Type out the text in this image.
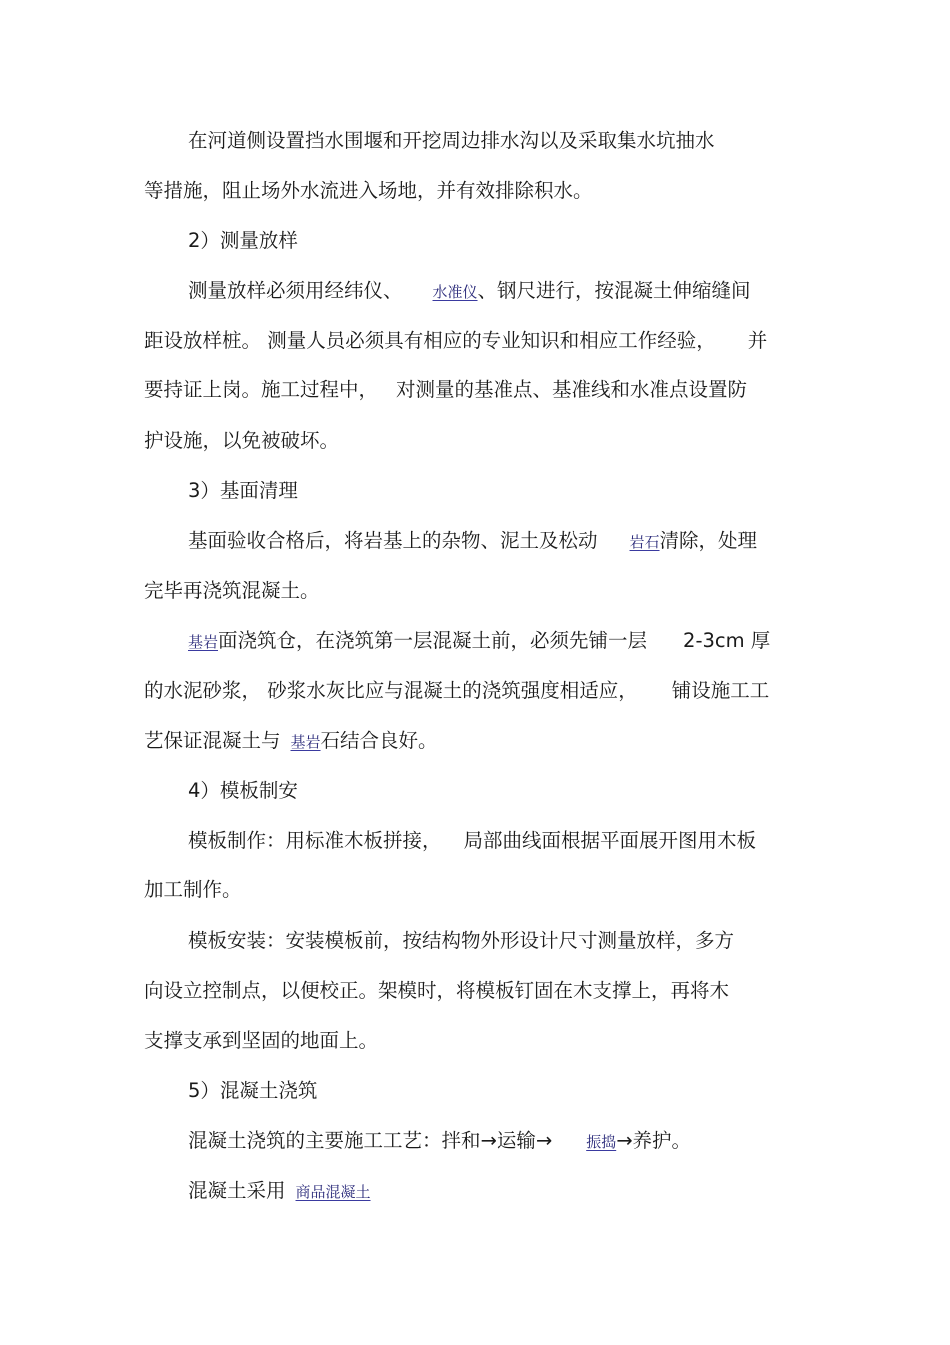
在河道侧设置挡水围堰和开挖周边排水沟以及采取集水坑抽水
等措施，阻止场外水流进入场地，并有效排除积水。
2）测量放样
测量放样必须用经纬仪、 水准仪、钢尺进行，按混凝土伸缩缝间
距设放样桩。 测量人员必须具有相应的专业知识和相应工作经验， 并
要持证上岗。施工过程中， 对测量的基准点、基准线和水准点设置防
护设施，以免被破坏。
3）基面清理
基面验收合格后，将岩基上的杂物、泥土及松动 岩石清除，处理
完毕再浇筑混凝土。
基岩面浇筑仓，在浇筑第一层混凝土前，必须先铺一层 2-3cm 厚
的水泥砂浆， 砂浆水灰比应与混凝土的浇筑强度相适应， 铺设施工工
艺保证混凝土与 基岩石结合良好。
4）模板制安
模板制作：用标准木板拼接， 局部曲线面根据平面展开图用木板
加工制作。
模板安装：安装模板前，按结构物外形设计尺寸测量放样，多方
向设立控制点，以便校正。架模时，将模板钉固在木支撑上，再将木
支撑支承到坚固的地面上。
5）混凝土浇筑
混凝土浇筑的主要施工工艺：拌和→运输→ 振捣→养护。
混凝土采用 商品混凝土
